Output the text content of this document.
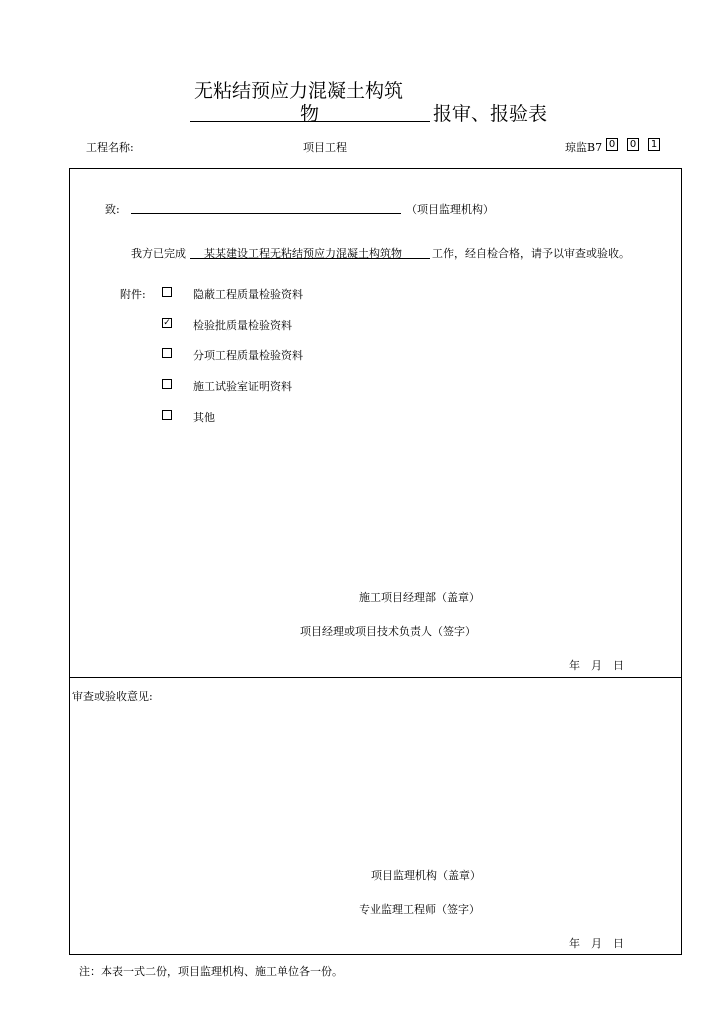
无粘结预应力混凝土构筑
物	报审、报验表
工程名称:	项目工程	琼监B7 0 0 1
致:	（项目监理机构）
我方已完成 某某建设工程无粘结预应力混凝土构筑物	工作，经自检合格，请予以审查或验收。
附件:	隐蔽工程质量检验资料
✓ 检验批质量检验资料
分项工程质量检验资料
施工试验室证明资料
其他
施工项目经理部（盖章）
项目经理或项目技术负责人（签字）
年　月　日
审查或验收意见:
项目监理机构（盖章）
专业监理工程师（签字）
年　月　日
注：本表一式二份，项目监理机构、施工单位各一份。
